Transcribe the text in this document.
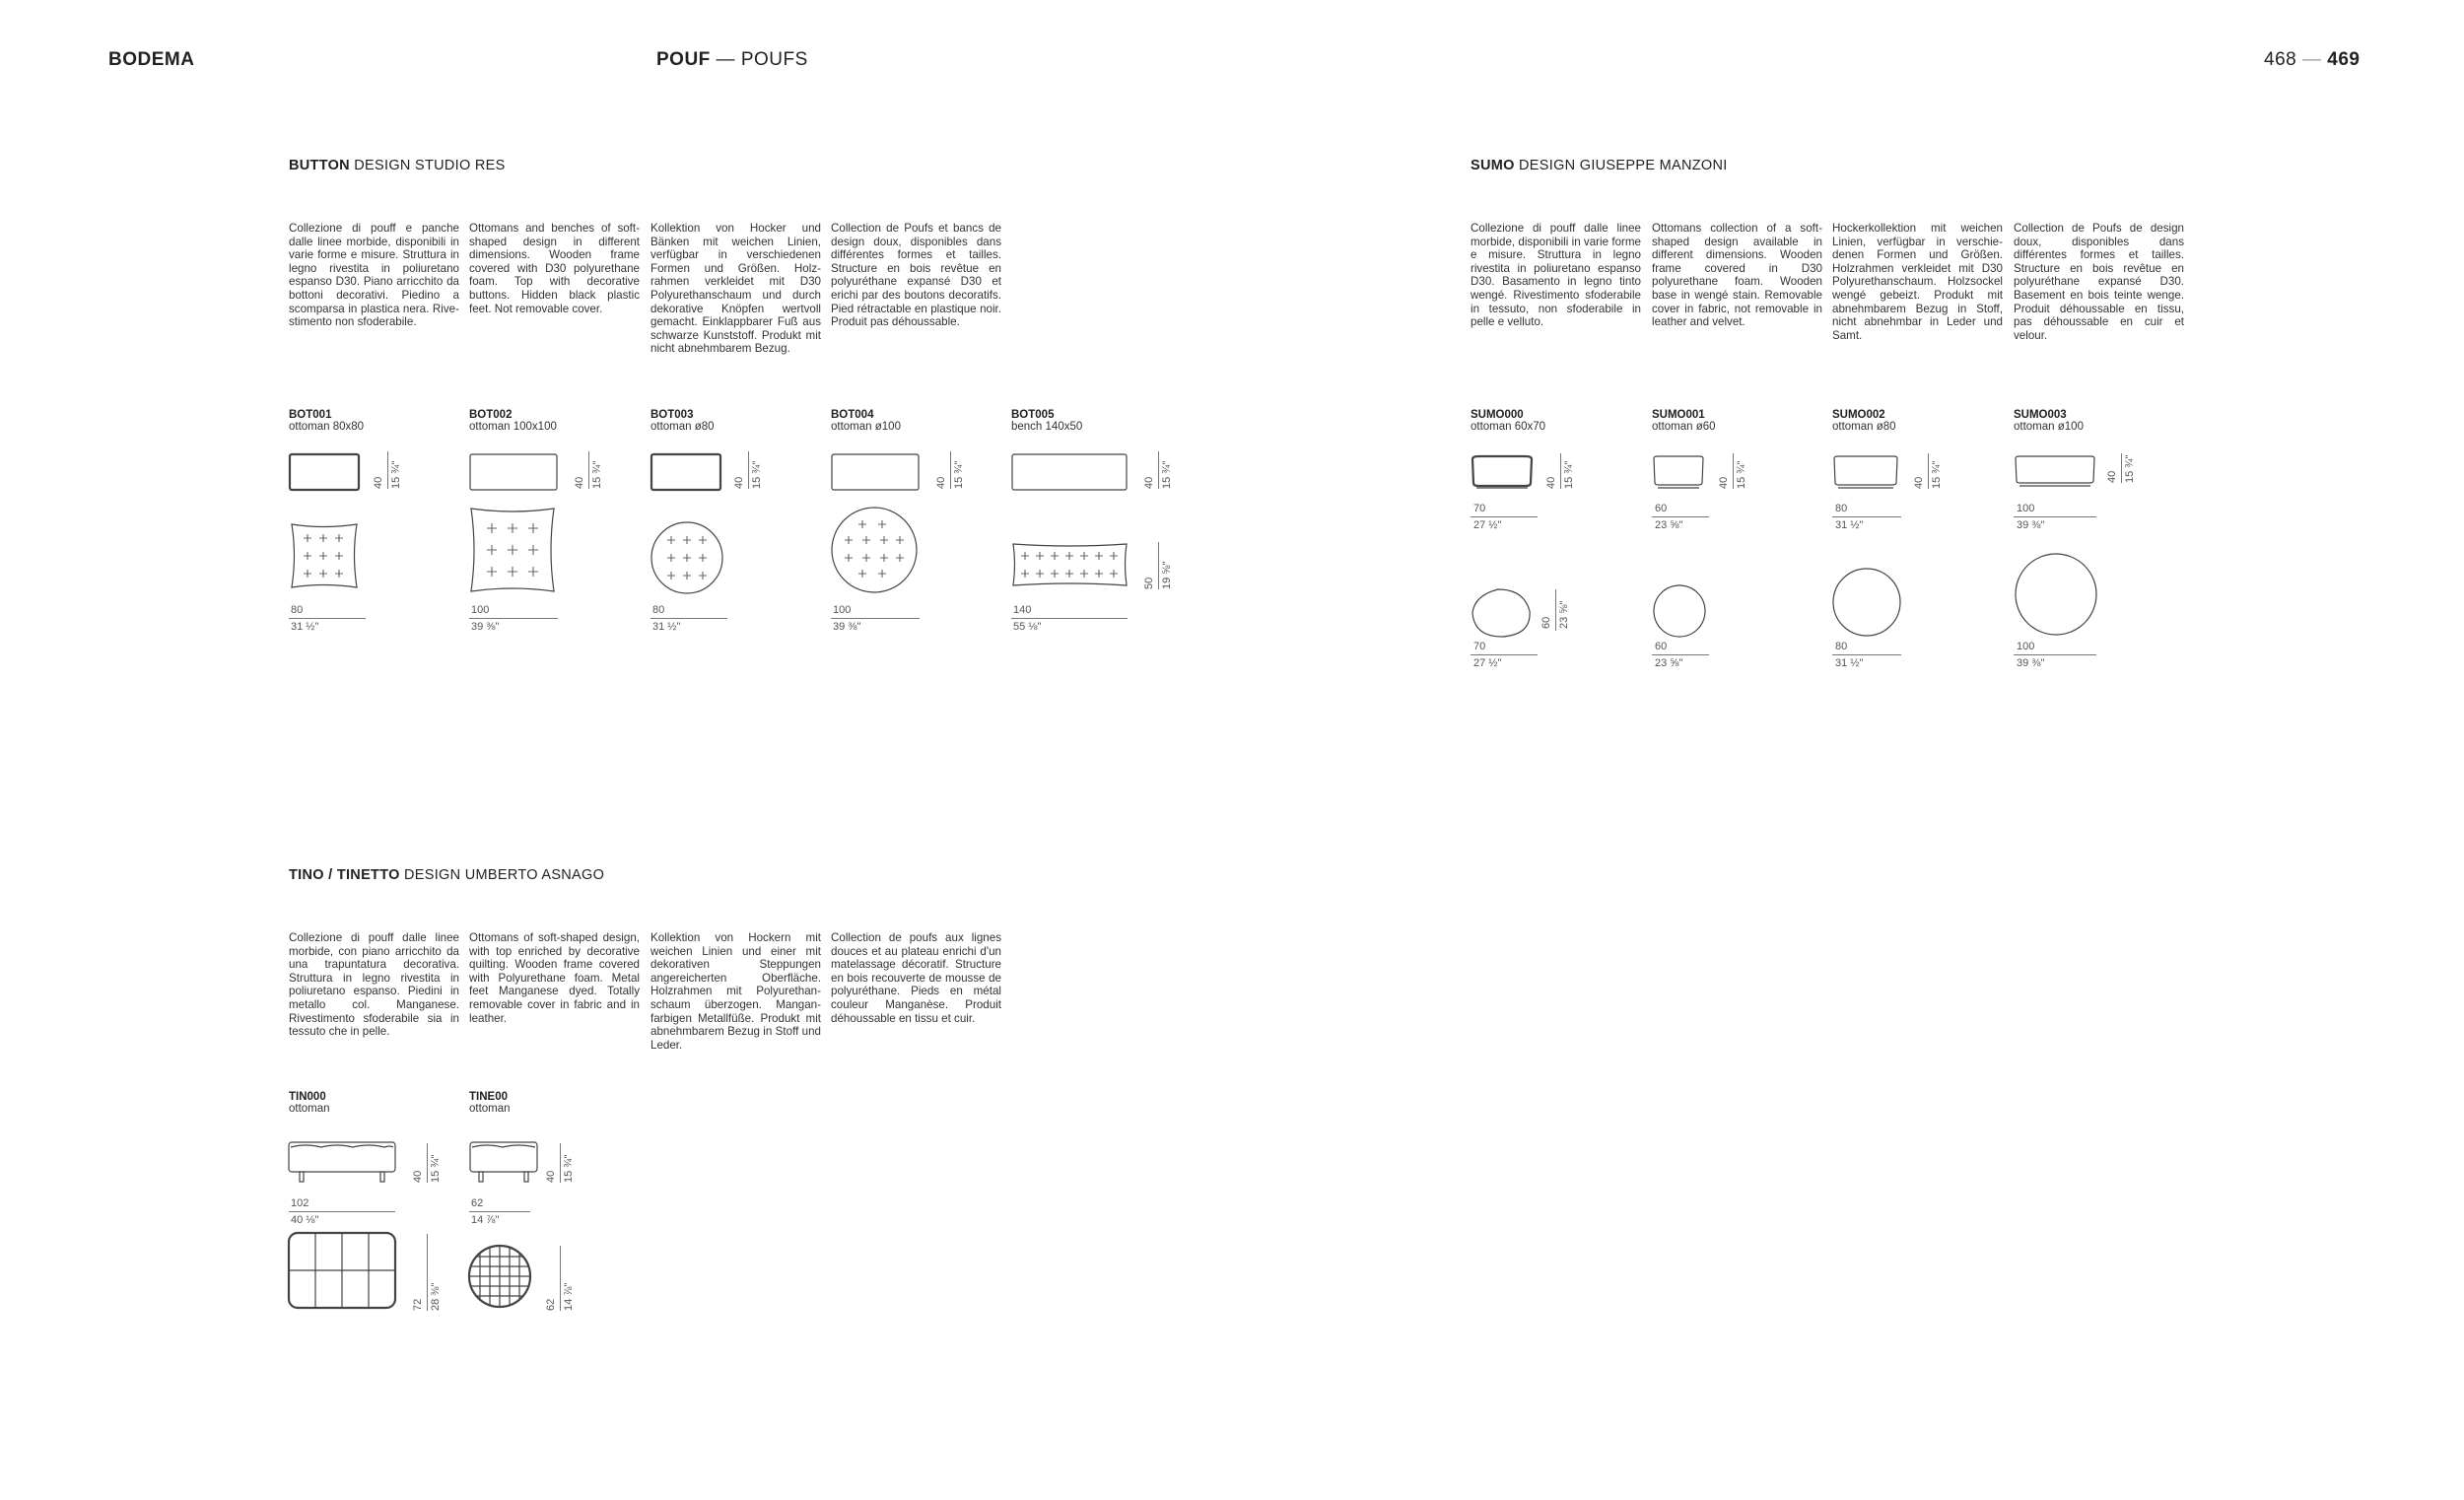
BODEMA	POUF — POUFS	468 — 469
BUTTON DESIGN STUDIO RES
Collezione di pouff e panche dalle linee morbide, disponibili in varie forme e misure. Struttura in legno rivestita in poliuretano espanso D30. Piano arricchito da bottoni decorativi. Piedino a scomparsa in plastica nera. Rivestimento non sfoderabile.
Ottomans and benches of soft-shaped design in different dimensions. Wooden frame covered with D30 polyurethane foam. Top with decorative buttons. Hidden black plastic feet. Not removable cover.
Kollektion von Hocker und Bänken mit weichen Linien, verfügbar in verschiedenen Formen und Größen. Holzrahmen verkleidet mit D30 Polyurethanschaum und durch dekorative Knöpfen wertvoll gemacht. Einklappbarer Fuß aus schwarze Kunststoff. Produkt mit nicht abnehmbarem Bezug.
Collection de Poufs et bancs de design doux, disponibles dans différentes formes et tailles. Structure en bois revêtue en polyuréthane expansé D30 et erichi par des boutons decoratifs. Pied rétractable en plastique noir. Produit pas déhoussable.
BOT001
ottoman 80x80
40 15 ¾"
80
31 ½"
BOT002
ottoman 100x100
40 15 ¾"
100
39 ⅜"
BOT003
ottoman ø80
40 15 ¾"
80
31 ½"
BOT004
ottoman ø100
40 15 ¾"
100
39 ⅜"
BOT005
bench 140x50
40 15 ¾"
50 19 ⅝"
140
55 ⅛"
SUMO DESIGN GIUSEPPE MANZONI
Collezione di pouff dalle linee morbide, disponibili in varie forme e misure. Struttura in legno rivestita in poliuretano espanso D30. Basamento in legno tinto wengé. Rivestimento sfoderabile in tessuto, non sfoderabile in pelle e velluto.
Ottomans collection of a soft-shaped design available in different dimensions. Wooden frame covered in D30 polyurethane foam. Wooden base in wengé stain. Removable cover in fabric, not removable in leather and velvet.
Hockerkollektion mit weichen Linien, verfügbar in verschiedenen Formen und Größen. Holzrahmen verkleidet mit D30 Polyurethanschaum. Holzsockel wengé gebeizt. Produkt mit abnehmbarem Bezug in Stoff, nicht abnehmbar in Leder und Samt.
Collection de Poufs de design doux, disponibles dans différentes formes et tailles. Structure en bois revêtue en polyuréthane expansé D30. Basement en bois teinte wenge. Produit déhoussable en tissu, pas déhoussable en cuir et velour.
SUMO000
ottoman 60x70
40 15 ¾"
70
27 ½"
60 23 ⅝"
70
27 ½"
SUMO001
ottoman ø60
40 15 ¾"
60
23 ⅝"
60
23 ⅝"
SUMO002
ottoman ø80
40 15 ¾"
80
31 ½"
80
31 ½"
SUMO003
ottoman ø100
40 15 ¾"
100
39 ⅜"
100
39 ⅜"
TINO / TINETTO DESIGN UMBERTO ASNAGO
Collezione di pouff dalle linee morbide, con piano arricchito da una trapuntatura decorativa. Struttura in legno rivestita in poliuretano espanso. Piedini in metallo col. Manganese. Rivestimento sfoderabile sia in tessuto che in pelle.
Ottomans of soft-shaped design, with top enriched by decorative quilting. Wooden frame covered with Polyurethane foam. Metal feet Manganese dyed. Totally removable cover in fabric and in leather.
Kollektion von Hockern mit weichen Linien und einer mit dekorativen Steppungen angereicherten Oberfläche. Holzrahmen mit Polyurethanschaum überzogen. Manganfarbigen Metallfüße. Produkt mit abnehmbarem Bezug in Stoff und Leder.
Collection de poufs aux lignes douces et au plateau enrichi d'un matelassage décoratif. Structure en bois recouverte de mousse de polyuréthane. Pieds en métal couleur Manganèse. Produit déhoussable en tissu et cuir.
TIN000
ottoman
40 15 ¾"
102
40 ⅛"
72 28 ⅜"
TINE00
ottoman
40 15 ¾"
62
14 ⅞"
62 14 ⅞"
